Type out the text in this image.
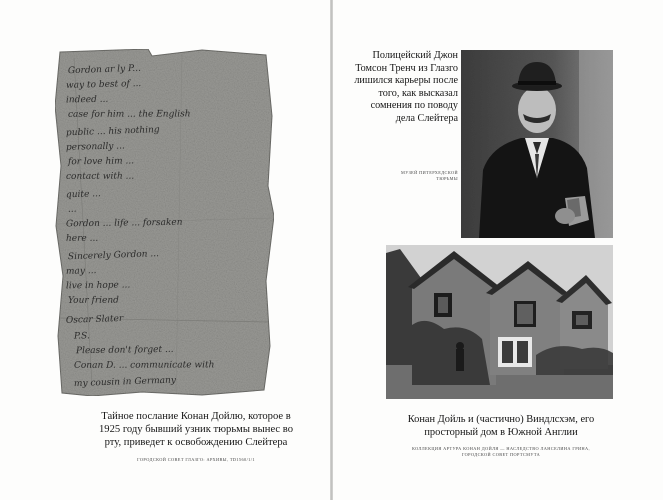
Gordon ar ly P...
way to best of ...
indeed ...
case for him ... the English
public ... his nothing
personally ...
for love him ...
contact with ...
quite ...
...
Gordon ... life ... forsaken
here ...
Sincerely Gordon ...
may ...
live in hope ...
Your friend
Oscar Slater
P.S.
Please don't forget ...
Conan D. ... communicate with
my cousin in Germany
Тайное послание Конан Дойлю, которое в 1925 году бывший узник тюрьмы вынес во рту, приведет к освобождению Слейтера
ГОРОДСКОЙ СОВЕТ ГЛАЗГО: АРХИВЫ, TD1560/1/1
Полицейский Джон Томсон Тренч из Глазго лишился карьеры после того, как высказал сомнения по поводу дела Слейтера
МУЗЕЙ ПИТЕРХЕДСКОЙ ТЮРЬМЫ
Конан Дойль и (частично) Виндлсхэм, его просторный дом в Южной Англии
КОЛЛЕКЦИЯ АРТУРА КОНАН ДОЙЛЯ — НАСЛЕДСТВО ЛАНСЕЛИНА ГРИНА, ГОРОДСКОЙ СОВЕТ ПОРТСМУТА
